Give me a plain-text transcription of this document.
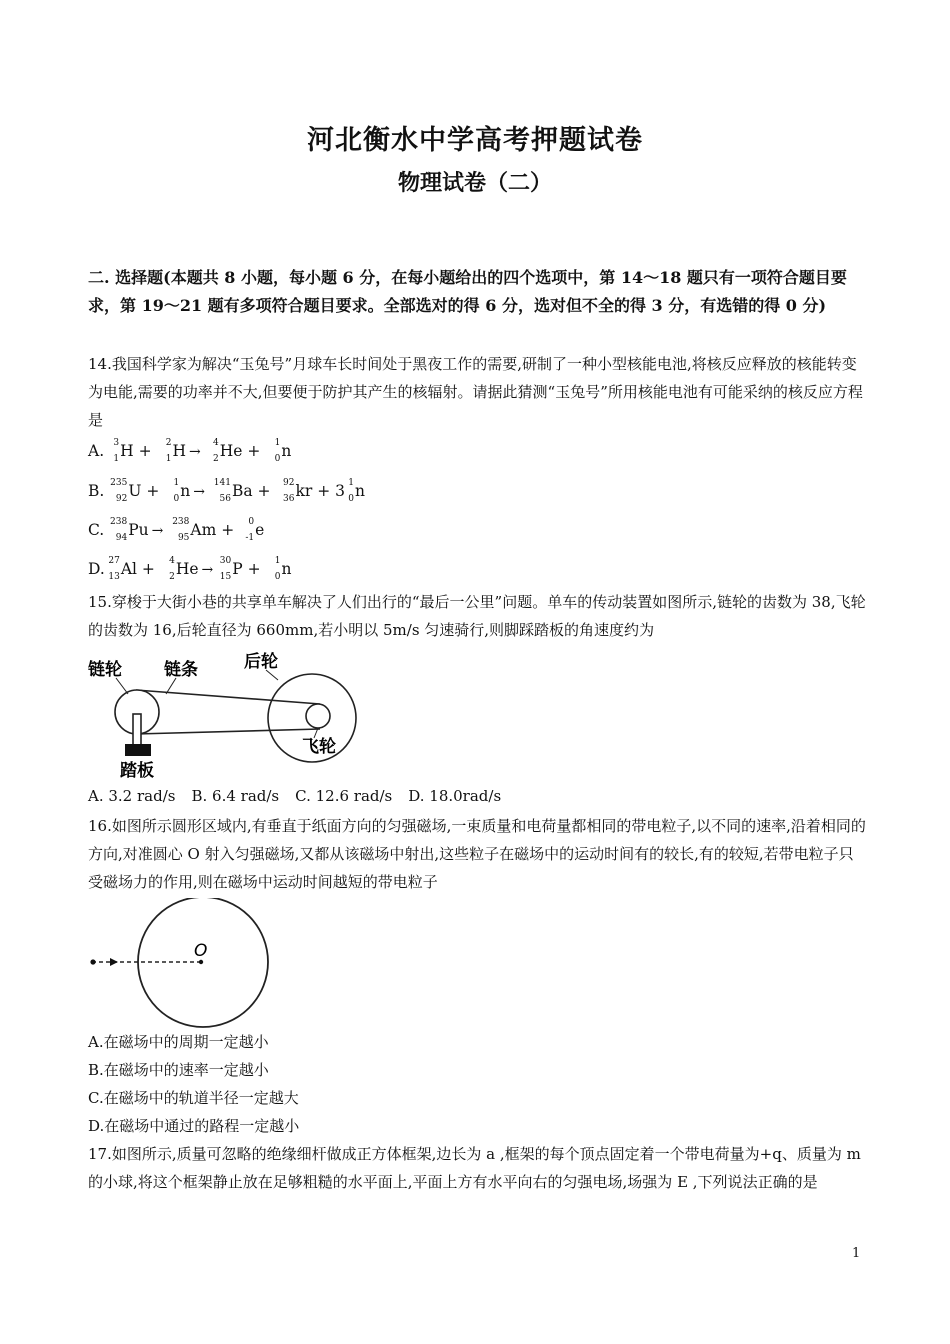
河北衡水中学高考押题试卷
物理试卷（二）
二. 选择题(本题共 8 小题，每小题 6 分，在每小题给出的四个选项中，第 14～18 题只有一项符合题目要求，第 19～21 题有多项符合题目要求。全部选对的得 6 分，选对但不全的得 3 分，有选错的得 0 分)
14.我国科学家为解决“玉兔号”月球车长时间处于黑夜工作的需要,研制了一种小型核能电池,将核反应释放的核能转变为电能,需要的功率并不大,但要便于防护其产生的核辐射。请据此猜测“玉兔号”所用核能电池有可能采纳的核反应方程是
A. 3
1 H + 2
1 H →
4
2 He + 1
0 n
B. 235
92 U + 1
0 n →
141
56 Ba + 92
36 kr + 3 1
0 n
C. 238
94 Pu →
238
95 Am + 0
-1 e
D. 27
13 Al + 4
2 He →
30
15 P + 1
0 n
15.穿梭于大街小巷的共享单车解决了人们出行的“最后一公里”问题。单车的传动装置如图所示,链轮的齿数为 38,飞轮的齿数为 16,后轮直径为 660mm,若小明以 5m/s 匀速骑行,则脚踩踏板的角速度约为
链轮 链条	后轮
飞轮
踏板
A. 3.2 rad/s B. 6.4 rad/s C. 12.6 rad/s D. 18.0rad/s
16.如图所示圆形区域内,有垂直于纸面方向的匀强磁场,一束质量和电荷量都相同的带电粒子,以不同的速率,沿着相同的方向,对准圆心 O 射入匀强磁场,又都从该磁场中射出,这些粒子在磁场中的运动时间有的较长,有的较短,若带电粒子只受磁场力的作用,则在磁场中运动时间越短的带电粒子
O
A.在磁场中的周期一定越小
B.在磁场中的速率一定越小
C.在磁场中的轨道半径一定越大
D.在磁场中通过的路程一定越小
17.如图所示,质量可忽略的绝缘细杆做成正方体框架,边长为 a ,框架的每个顶点固定着一个带电荷量为+q、质量为 m 的小球,将这个框架静止放在足够粗糙的水平面上,平面上方有水平向右的匀强电场,场强为 E ,下列说法正确的是
1
